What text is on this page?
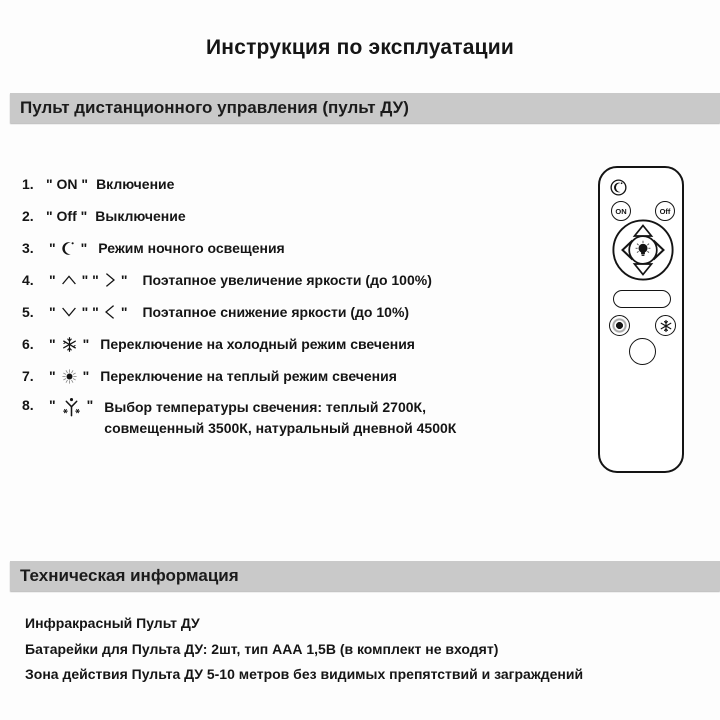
Инструкция по эксплуатации
Пульт дистанционного управления (пульт ДУ)
1. " ON " Включение
2. " Off " Выключение
3.	" " Режим ночного освещения
4.	" " " " Поэтапное увеличение яркости (до 100%)
5.	" " " " Поэтапное снижение яркости (до 10%)
6.	" " Переключение на холодный режим свечения
7.	" " Переключение на теплый режим свечения
8.	" " Выбор температуры свечения: теплый 2700К,
совмещенный 3500К, натуральный дневной 4500К
ON	Off
Техническая информация
Инфракрасный Пульт ДУ
Батарейки для Пульта ДУ: 2шт, тип ААА 1,5В (в комплект не входят)
Зона действия Пульта ДУ 5-10 метров без видимых препятствий и заграждений
